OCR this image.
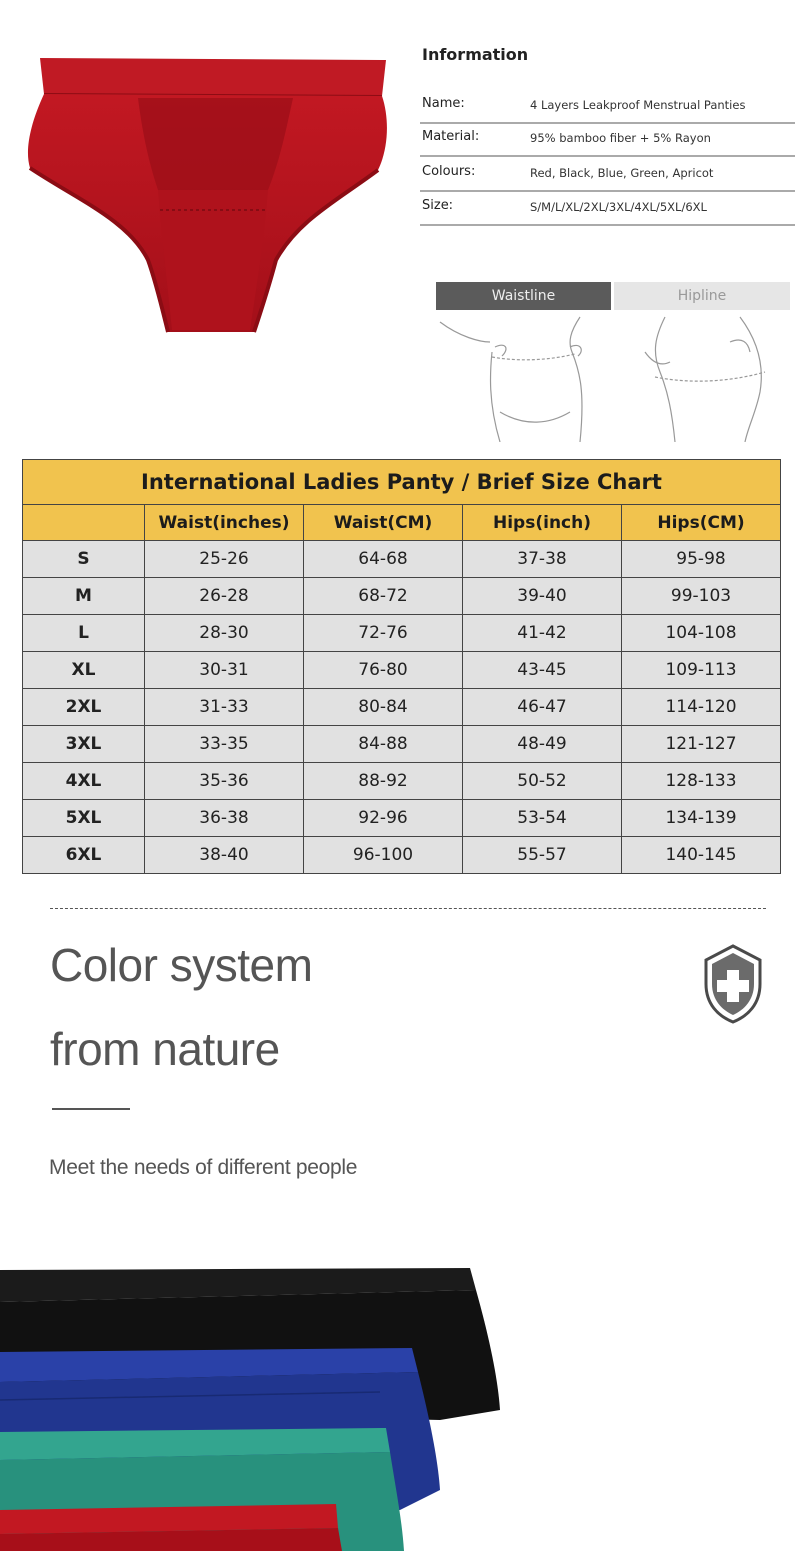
Information
Name:	4 Layers Leakproof Menstrual Panties
Material:	95% bamboo fiber + 5% Rayon
Colours:	Red, Black, Blue, Green, Apricot
Size:	S/M/L/XL/2XL/3XL/4XL/5XL/6XL
Waistline	Hipline
International Ladies Panty / Brief Size Chart				
	Waist(inches)	Waist(CM)	Hips(inch)	Hips(CM)
S	25-26	64-68	37-38	95-98
M	26-28	68-72	39-40	99-103
L	28-30	72-76	41-42	104-108
XL	30-31	76-80	43-45	109-113
2XL	31-33	80-84	46-47	114-120
3XL	33-35	84-88	48-49	121-127
4XL	35-36	88-92	50-52	128-133
5XL	36-38	92-96	53-54	134-139
6XL	38-40	96-100	55-57	140-145
Color system
from nature
Meet the needs of different people
